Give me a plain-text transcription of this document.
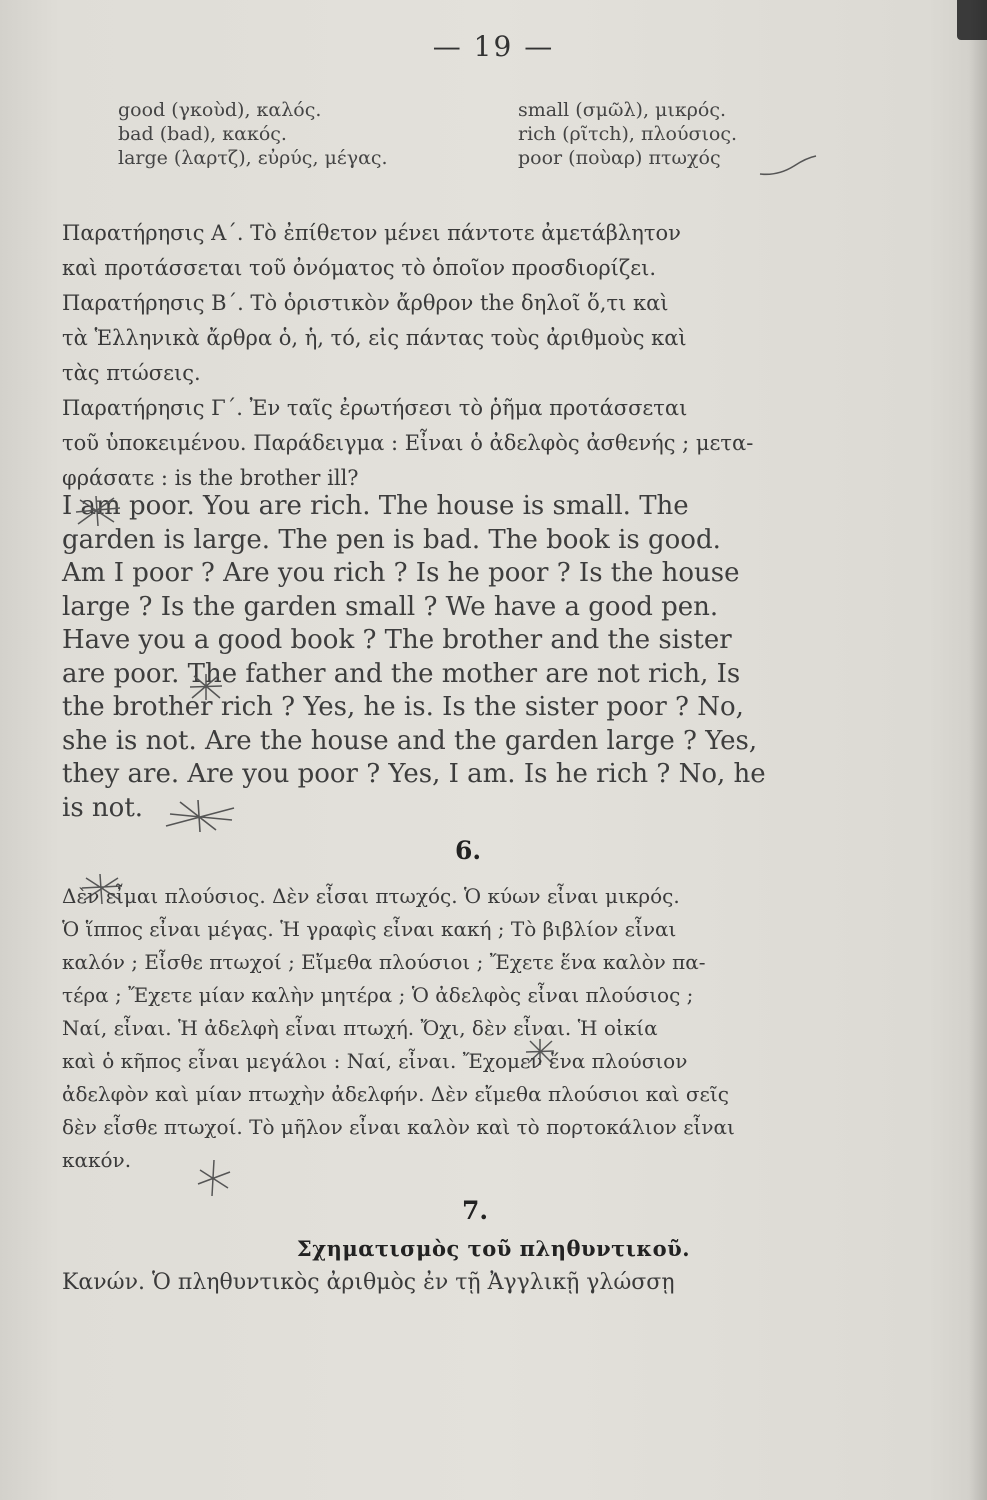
— 19 —
good (γκοὺd), καλός.
bad (bad), κακός.
large (λαρτζ), εὐρύς, μέγας.
small (σμῶλ), μικρός.
rich (ρῖτch), πλούσιος.
poor (ποὺαρ) πτωχός
Παρατήρησις Α΄. Τὸ ἐπίθετον μένει πάντοτε ἀμετάβλητον
καὶ προτάσσεται τοῦ ὀνόματος τὸ ὁποῖον προσδιορίζει.
Παρατήρησις Β΄. Τὸ ὁριστικὸν ἄρθρον the δηλοῖ ὅ,τι καὶ
τὰ Ἑλληνικὰ ἄρθρα ὁ, ἡ, τό, εἰς πάντας τοὺς ἀριθμοὺς καὶ
τὰς πτώσεις.
Παρατήρησις Γ΄. Ἐν ταῖς ἐρωτήσεσι τὸ ῥῆμα προτάσσεται
τοῦ ὑποκειμένου. Παράδειγμα : Εἶναι ὁ ἀδελφὸς ἀσθενής ; μετα-
φράσατε : is the brother ill?
I am poor. You are rich. The house is small. The
garden is large. The pen is bad. The book is good.
Am I poor ? Are you rich ? Is he poor ? Is the house
large ? Is the garden small ? We have a good pen.
Have you a good book ? The brother and the sister
are poor. The father and the mother are not rich, Is
the brother rich ? Yes, he is. Is the sister poor ? No,
she is not. Are the house and the garden large ? Yes,
they are. Are you poor ? Yes, I am. Is he rich ? No, he
is not.
6.
Δὲν εἶμαι πλούσιος. Δὲν εἶσαι πτωχός. Ὁ κύων εἶναι μικρός.
Ὁ ἵππος εἶναι μέγας. Ἡ γραφὶς εἶναι κακή ; Τὸ βιβλίον εἶναι
καλόν ; Εἶσθε πτωχοί ; Εἴμεθα πλούσιοι ; Ἔχετε ἕνα καλὸν πα-
τέρα ; Ἔχετε μίαν καλὴν μητέρα ; Ὁ ἀδελφὸς εἶναι πλούσιος ;
Ναί, εἶναι. Ἡ ἀδελφὴ εἶναι πτωχή. Ὄχι, δὲν εἶναι. Ἡ οἰκία
καὶ ὁ κῆπος εἶναι μεγάλοι : Ναί, εἶναι. Ἔχομεν ἕνα πλούσιον
ἀδελφὸν καὶ μίαν πτωχὴν ἀδελφήν. Δὲν εἴμεθα πλούσιοι καὶ σεῖς
δὲν εἶσθε πτωχοί. Τὸ μῆλον εἶναι καλὸν καὶ τὸ πορτοκάλιον εἶναι
κακόν.
7.
Σχηματισμὸς τοῦ πληθυντικοῦ.
Κανών. Ὁ πληθυντικὸς ἀριθμὸς ἐν τῇ Ἀγγλικῇ γλώσσῃ
